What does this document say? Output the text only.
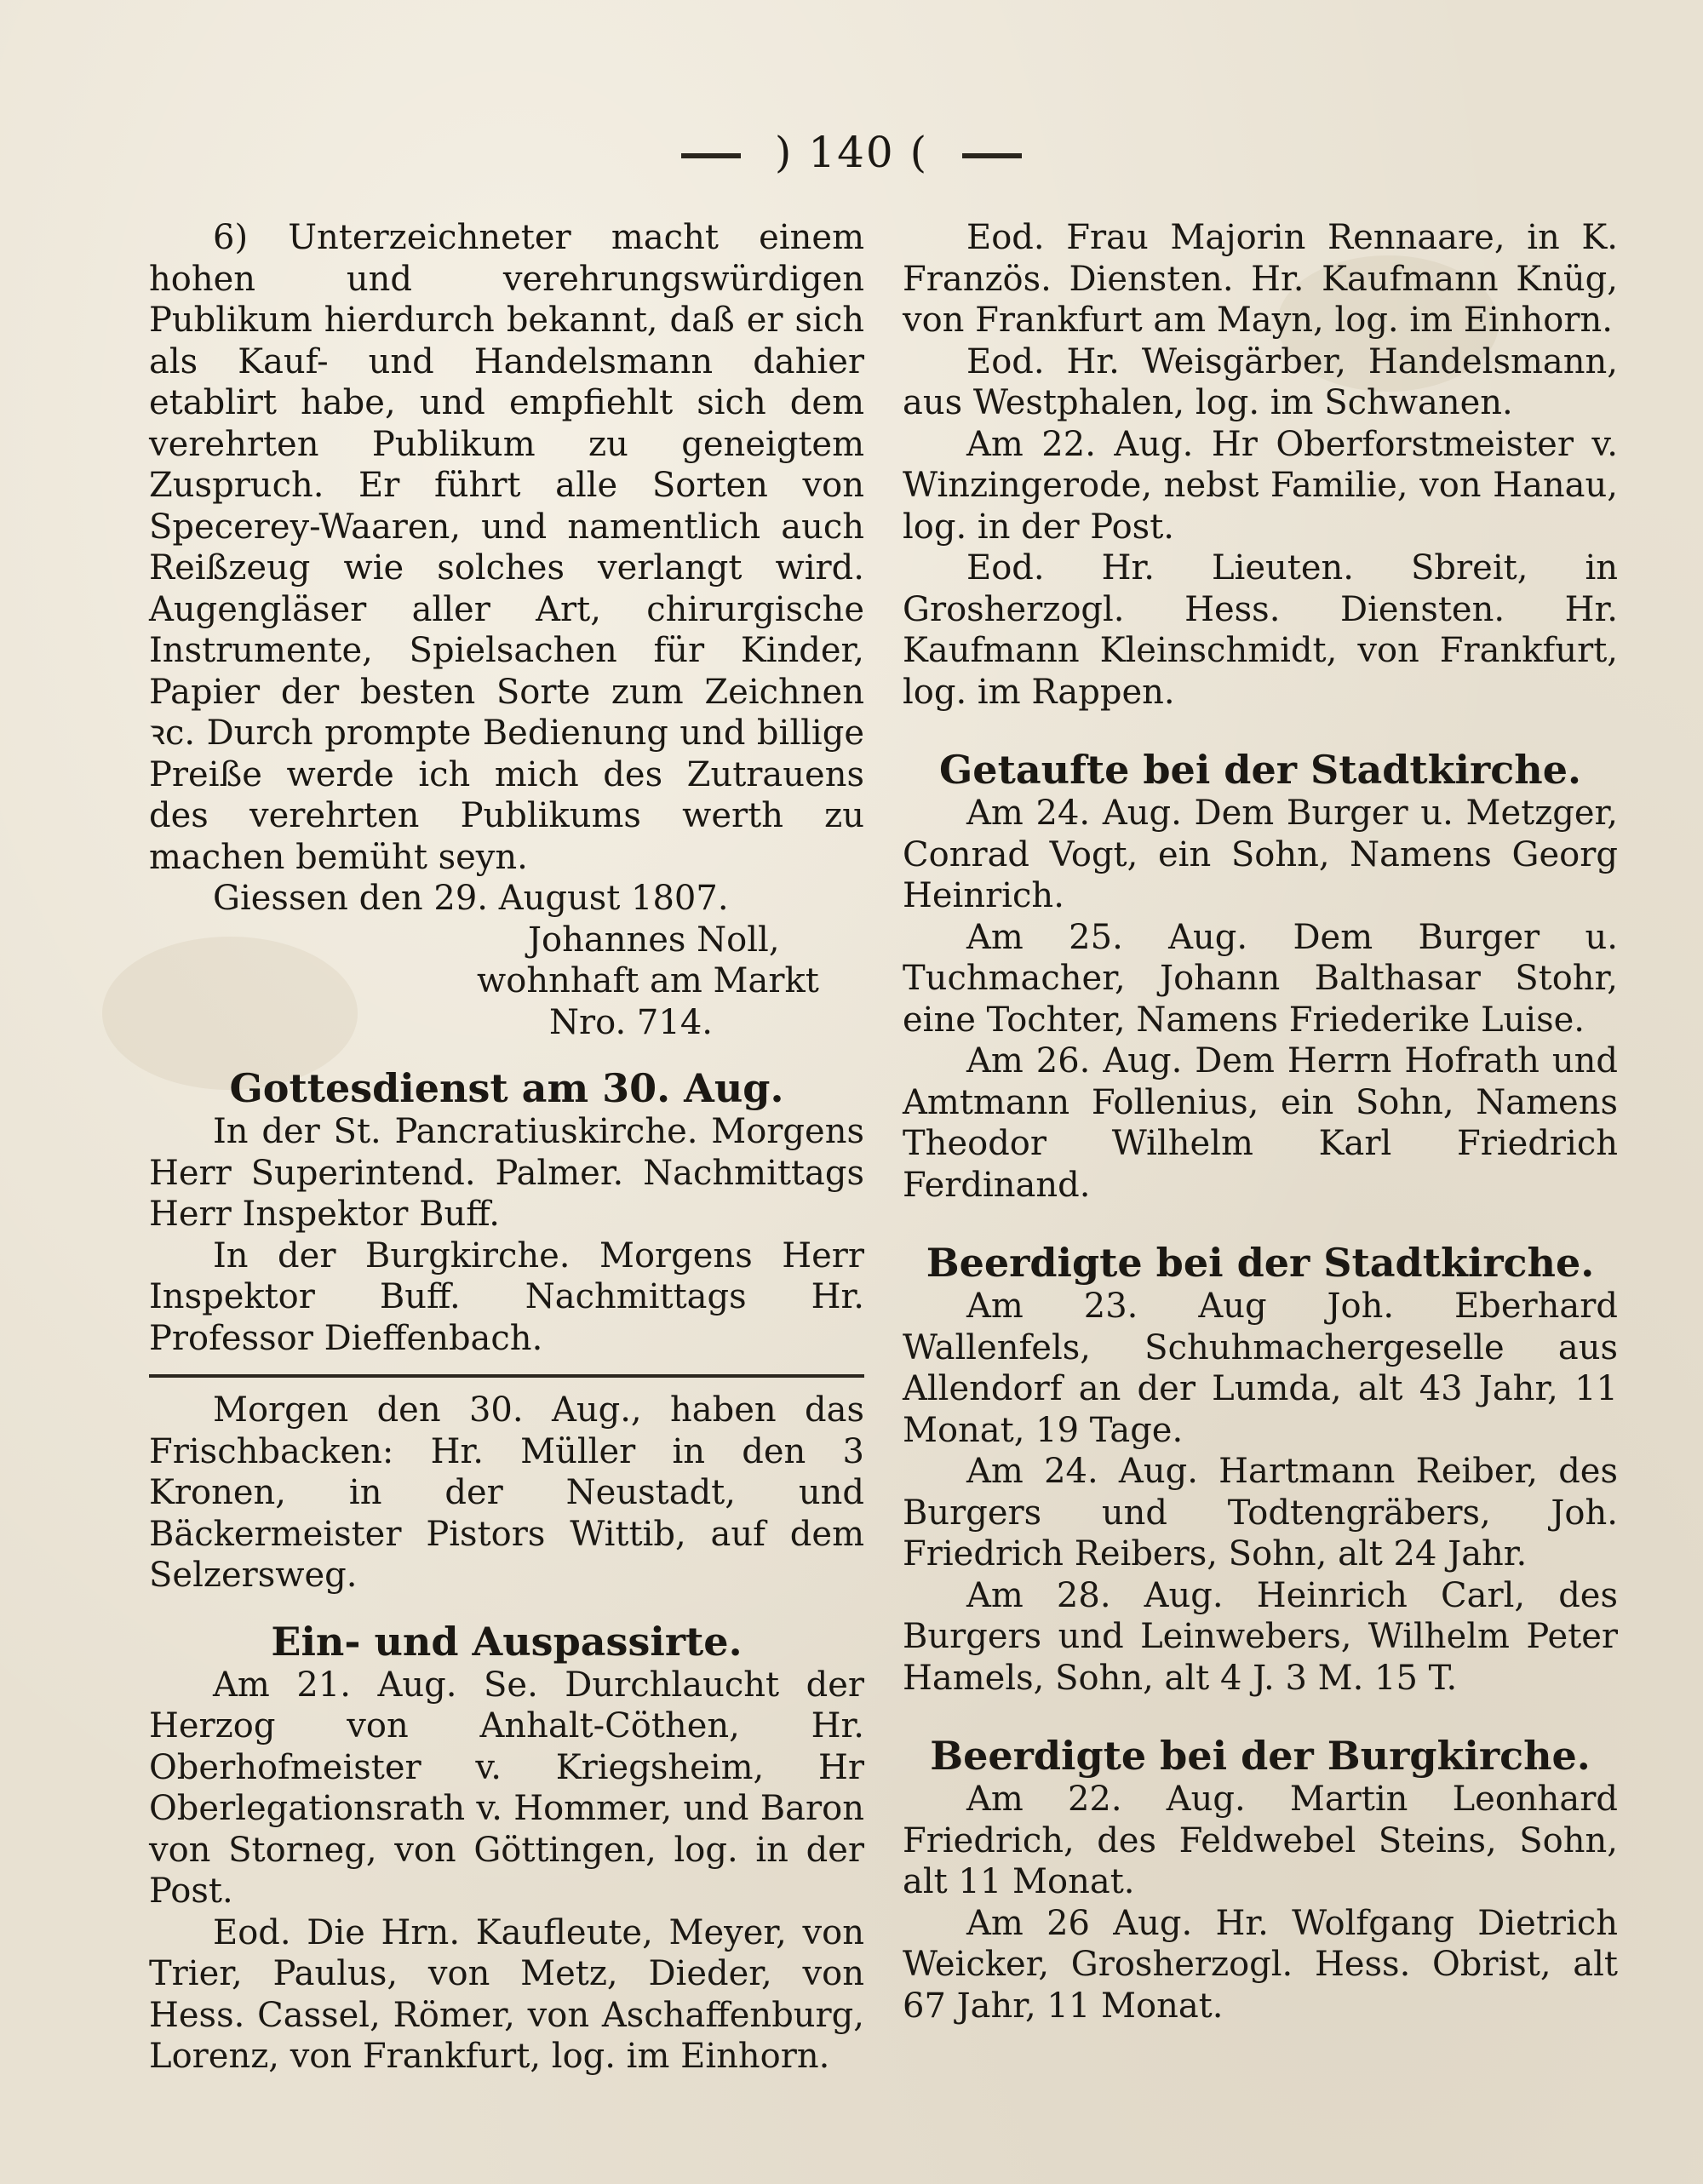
) 140 (

6) Unterzeichneter macht einem hohen und verehrungswürdigen Publikum hierdurch bekannt, daß er sich als Kauf- und Handelsmann dahier etablirt habe, und empfiehlt sich dem verehrten Publikum zu geneigtem Zuspruch. Er führt alle Sorten von Specerey-Waaren, und namentlich auch Reißzeug wie solches verlangt wird. Augengläser aller Art, chirurgische Instrumente, Spielsachen für Kinder, Papier der besten Sorte zum Zeichnen ꝛc. Durch prompte Bedienung und billige Preiße werde ich mich des Zutrauens des verehrten Publikums werth zu machen bemüht seyn.

Giessen den 29. August 1807.

Johannes Noll,
wohnhaft am Markt
Nro. 714.
Gottesdienst am 30. Aug.

In der St. Pancratiuskirche. Morgens Herr Superintend. Palmer. Nachmittags Herr Inspektor Buff.

In der Burgkirche. Morgens Herr Inspektor Buff. Nachmittags Hr. Professor Dieffenbach.

Morgen den 30. Aug., haben das Frischbacken: Hr. Müller in den 3 Kronen, in der Neustadt, und Bäckermeister Pistors Wittib, auf dem Selzersweg.

Ein- und Auspassirte.

Am 21. Aug. Se. Durchlaucht der Herzog von Anhalt-Cöthen, Hr. Oberhofmeister v. Kriegsheim, Hr Oberlegationsrath v. Hommer, und Baron von Storneg, von Göttingen, log. in der Post.

Eod. Die Hrn. Kaufleute, Meyer, von Trier, Paulus, von Metz, Dieder, von Hess. Cassel, Römer, von Aschaffenburg, Lorenz, von Frankfurt, log. im Einhorn.

Eod. Frau Majorin Rennaare, in K. Französ. Diensten. Hr. Kaufmann Knüg, von Frankfurt am Mayn, log. im Einhorn.

Eod. Hr. Weisgärber, Handelsmann, aus Westphalen, log. im Schwanen.

Am 22. Aug. Hr Oberforstmeister v. Winzingerode, nebst Familie, von Hanau, log. in der Post.

Eod. Hr. Lieuten. Sbreit, in Grosherzogl. Hess. Diensten. Hr. Kaufmann Kleinschmidt, von Frankfurt, log. im Rappen.

Getaufte bei der Stadtkirche.

Am 24. Aug. Dem Burger u. Metzger, Conrad Vogt, ein Sohn, Namens Georg Heinrich.

Am 25. Aug. Dem Burger u. Tuchmacher, Johann Balthasar Stohr, eine Tochter, Namens Friederike Luise.

Am 26. Aug. Dem Herrn Hofrath und Amtmann Follenius, ein Sohn, Namens Theodor Wilhelm Karl Friedrich Ferdinand.

Beerdigte bei der Stadtkirche.

Am 23. Aug Joh. Eberhard Wallenfels, Schuhmachergeselle aus Allendorf an der Lumda, alt 43 Jahr, 11 Monat, 19 Tage.

Am 24. Aug. Hartmann Reiber, des Burgers und Todtengräbers, Joh. Friedrich Reibers, Sohn, alt 24 Jahr.

Am 28. Aug. Heinrich Carl, des Burgers und Leinwebers, Wilhelm Peter Hamels, Sohn, alt 4 J. 3 M. 15 T.

Beerdigte bei der Burgkirche.

Am 22. Aug. Martin Leonhard Friedrich, des Feldwebel Steins, Sohn, alt 11 Monat.

Am 26 Aug. Hr. Wolfgang Dietrich Weicker, Grosherzogl. Hess. Obrist, alt 67 Jahr, 11 Monat.
